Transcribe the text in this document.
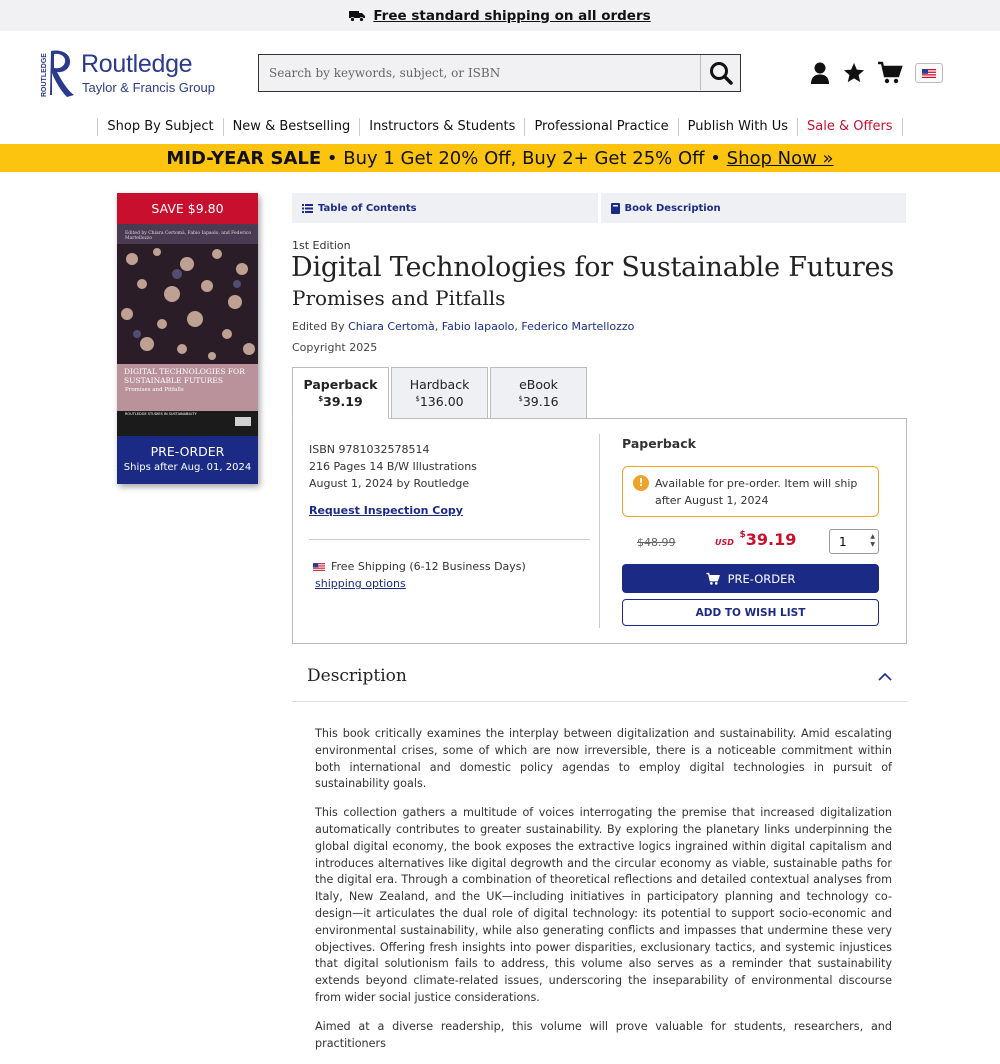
Free standard shipping on all orders
ROUTLEDGE Routledge
Taylor & Francis Group
Search by keywords, subject, or ISBN
Shop By Subject	New & Bestselling	Instructors & Students	Professional Practice	Publish With Us	Sale & Offers
MID-YEAR SALE • Buy 1 Get 20% Off, Buy 2+ Get 25% Off • Shop Now »
SAVE $9.80
Edited by Chiara Certomà, Fabio Iapaolo, and Federico Martellozzo
DIGITAL TECHNOLOGIES FOR SUSTAINABLE FUTURES
Promises and Pitfalls
ROUTLEDGE STUDIES IN SUSTAINABILITY
PRE-ORDER
Ships after Aug. 01, 2024
Table of Contents	Book Description
1st Edition
Digital Technologies for Sustainable Futures
Promises and Pitfalls
Edited By Chiara Certomà, Fabio Iapaolo, Federico Martellozzo
Copyright 2025
Paperback
$39.19
Hardback
$136.00
eBook
$39.16
ISBN 9781032578514
216 Pages 14 B/W Illustrations
August 1, 2024 by Routledge
Request Inspection Copy
Free Shipping (6-12 Business Days)
shipping options
Paperback
!	Available for pre-order. Item will ship after August 1, 2024
$48.99	USD $39.19
1	▲
▼
PRE-ORDER
ADD TO WISH LIST
Description

This book critically examines the interplay between digitalization and sustainability. Amid escalating environmental crises, some of which are now irreversible, there is a noticeable commitment within both international and domestic policy agendas to employ digital technologies in pursuit of sustainability goals.

This collection gathers a multitude of voices interrogating the premise that increased digitalization automatically contributes to greater sustainability. By exploring the planetary links underpinning the global digital economy, the book exposes the extractive logics ingrained within digital capitalism and introduces alternatives like digital degrowth and the circular economy as viable, sustainable paths for the digital era. Through a combination of theoretical reflections and detailed contextual analyses from Italy, New Zealand, and the UK—including initiatives in participatory planning and technology co-design—it articulates the dual role of digital technology: its potential to support socio-economic and environmental sustainability, while also generating conflicts and impasses that undermine these very objectives. Offering fresh insights into power disparities, exclusionary tactics, and systemic injustices that digital solutionism fails to address, this volume also serves as a reminder that sustainability extends beyond climate-related issues, underscoring the inseparability of environmental discourse from wider social justice considerations.

Aimed at a diverse readership, this volume will prove valuable for students, researchers, and practitioners
